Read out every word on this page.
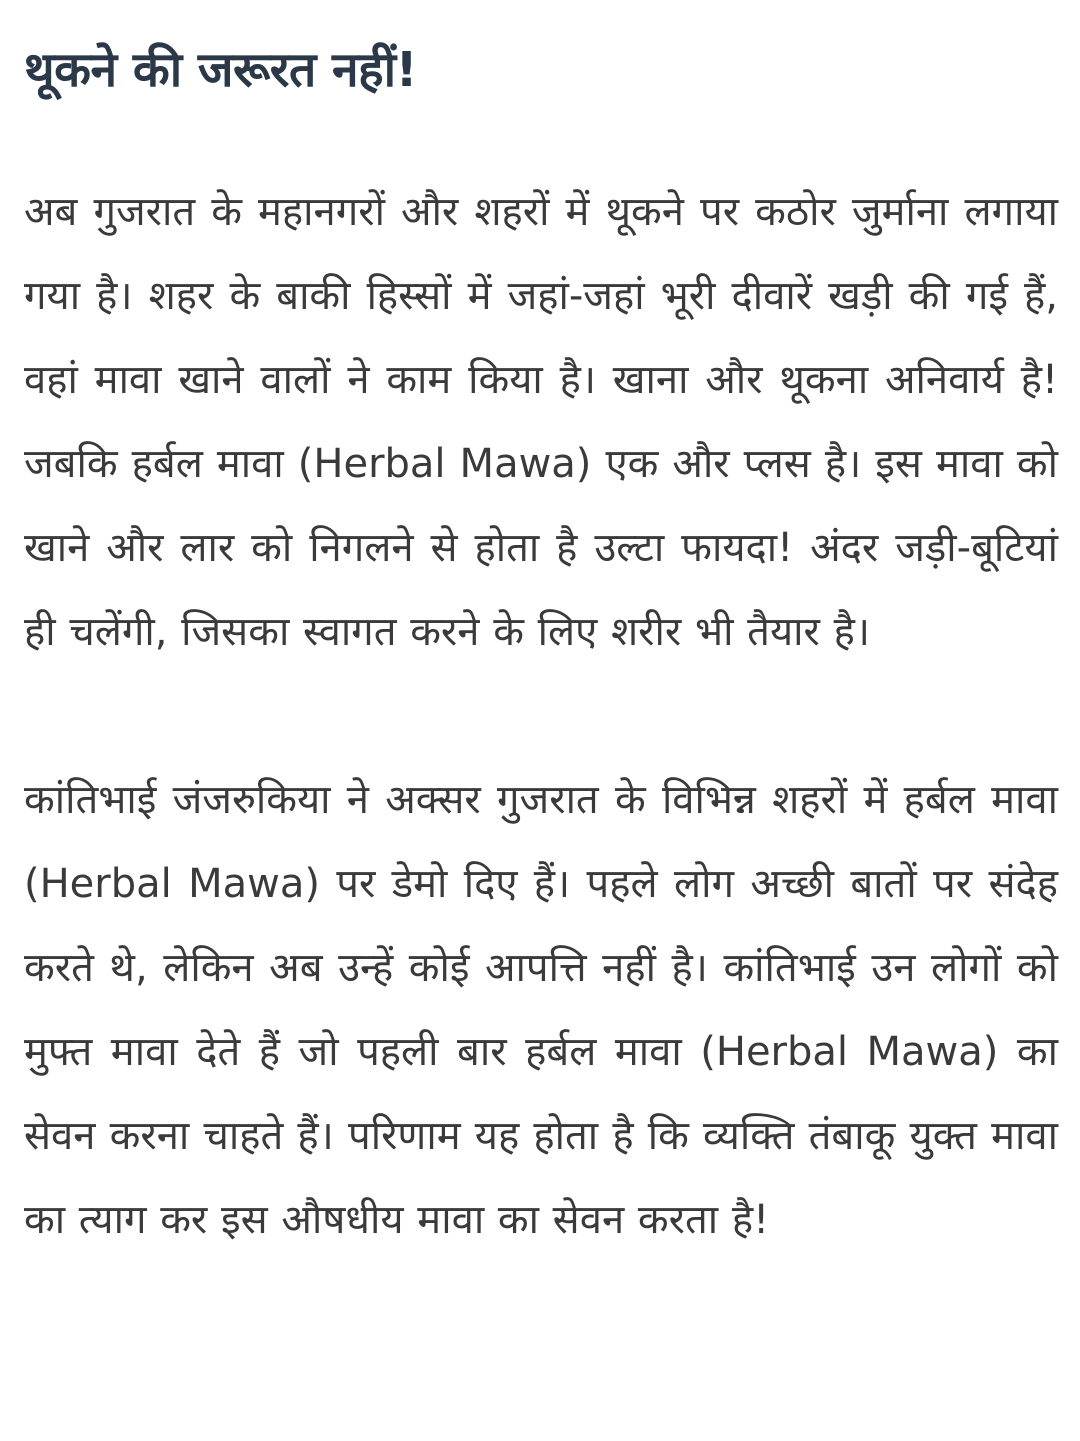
थूकने की जरूरत नहीं!

अब गुजरात के महानगरों और शहरों में थूकने पर कठोर जुर्माना लगाया गया है। शहर के बाकी हिस्सों में जहां-जहां भूरी दीवारें खड़ी की गई हैं, वहां मावा खाने वालों ने काम किया है। खाना और थूकना अनिवार्य है! जबकि हर्बल मावा (Herbal Mawa) एक और प्लस है। इस मावा को खाने और लार को निगलने से होता है उल्टा फायदा! अंदर जड़ी-बूटियां ही चलेंगी, जिसका स्वागत करने के लिए शरीर भी तैयार है।

कांतिभाई जंजरुकिया ने अक्सर गुजरात के विभिन्न शहरों में हर्बल मावा (Herbal Mawa) पर डेमो दिए हैं। पहले लोग अच्छी बातों पर संदेह करते थे, लेकिन अब उन्हें कोई आपत्ति नहीं है। कांतिभाई उन लोगों को मुफ्त मावा देते हैं जो पहली बार हर्बल मावा (Herbal Mawa) का सेवन करना चाहते हैं। परिणाम यह होता है कि व्यक्ति तंबाकू युक्त मावा का त्याग कर इस औषधीय मावा का सेवन करता है!
